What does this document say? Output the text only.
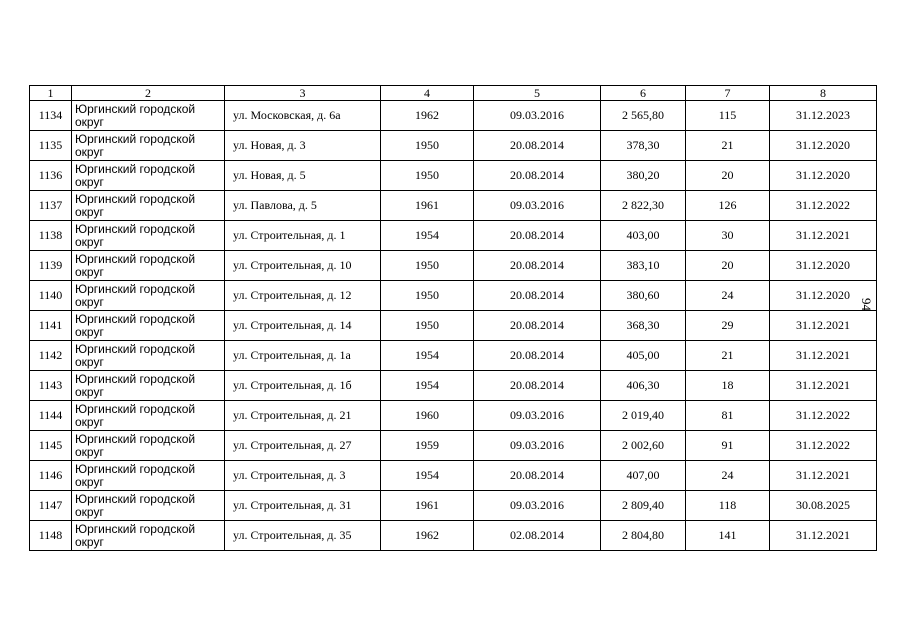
1	2	3	4	5	6	7	8
1134	Юргинский городской округ	ул. Московская, д. 6а	1962	09.03.2016	2 565,80	115	31.12.2023
1135	Юргинский городской округ	ул. Новая, д. 3	1950	20.08.2014	378,30	21	31.12.2020
1136	Юргинский городской округ	ул. Новая, д. 5	1950	20.08.2014	380,20	20	31.12.2020
1137	Юргинский городской округ	ул. Павлова, д. 5	1961	09.03.2016	2 822,30	126	31.12.2022
1138	Юргинский городской округ	ул. Строительная, д. 1	1954	20.08.2014	403,00	30	31.12.2021
1139	Юргинский городской округ	ул. Строительная, д. 10	1950	20.08.2014	383,10	20	31.12.2020
1140	Юргинский городской округ	ул. Строительная, д. 12	1950	20.08.2014	380,60	24	31.12.2020
1141	Юргинский городской округ	ул. Строительная, д. 14	1950	20.08.2014	368,30	29	31.12.2021
1142	Юргинский городской округ	ул. Строительная, д. 1а	1954	20.08.2014	405,00	21	31.12.2021
1143	Юргинский городской округ	ул. Строительная, д. 1б	1954	20.08.2014	406,30	18	31.12.2021
1144	Юргинский городской округ	ул. Строительная, д. 21	1960	09.03.2016	2 019,40	81	31.12.2022
1145	Юргинский городской округ	ул. Строительная, д. 27	1959	09.03.2016	2 002,60	91	31.12.2022
1146	Юргинский городской округ	ул. Строительная, д. 3	1954	20.08.2014	407,00	24	31.12.2021
1147	Юргинский городской округ	ул. Строительная, д. 31	1961	09.03.2016	2 809,40	118	30.08.2025
1148	Юргинский городской округ	ул. Строительная, д. 35	1962	02.08.2014	2 804,80	141	31.12.2021
94
